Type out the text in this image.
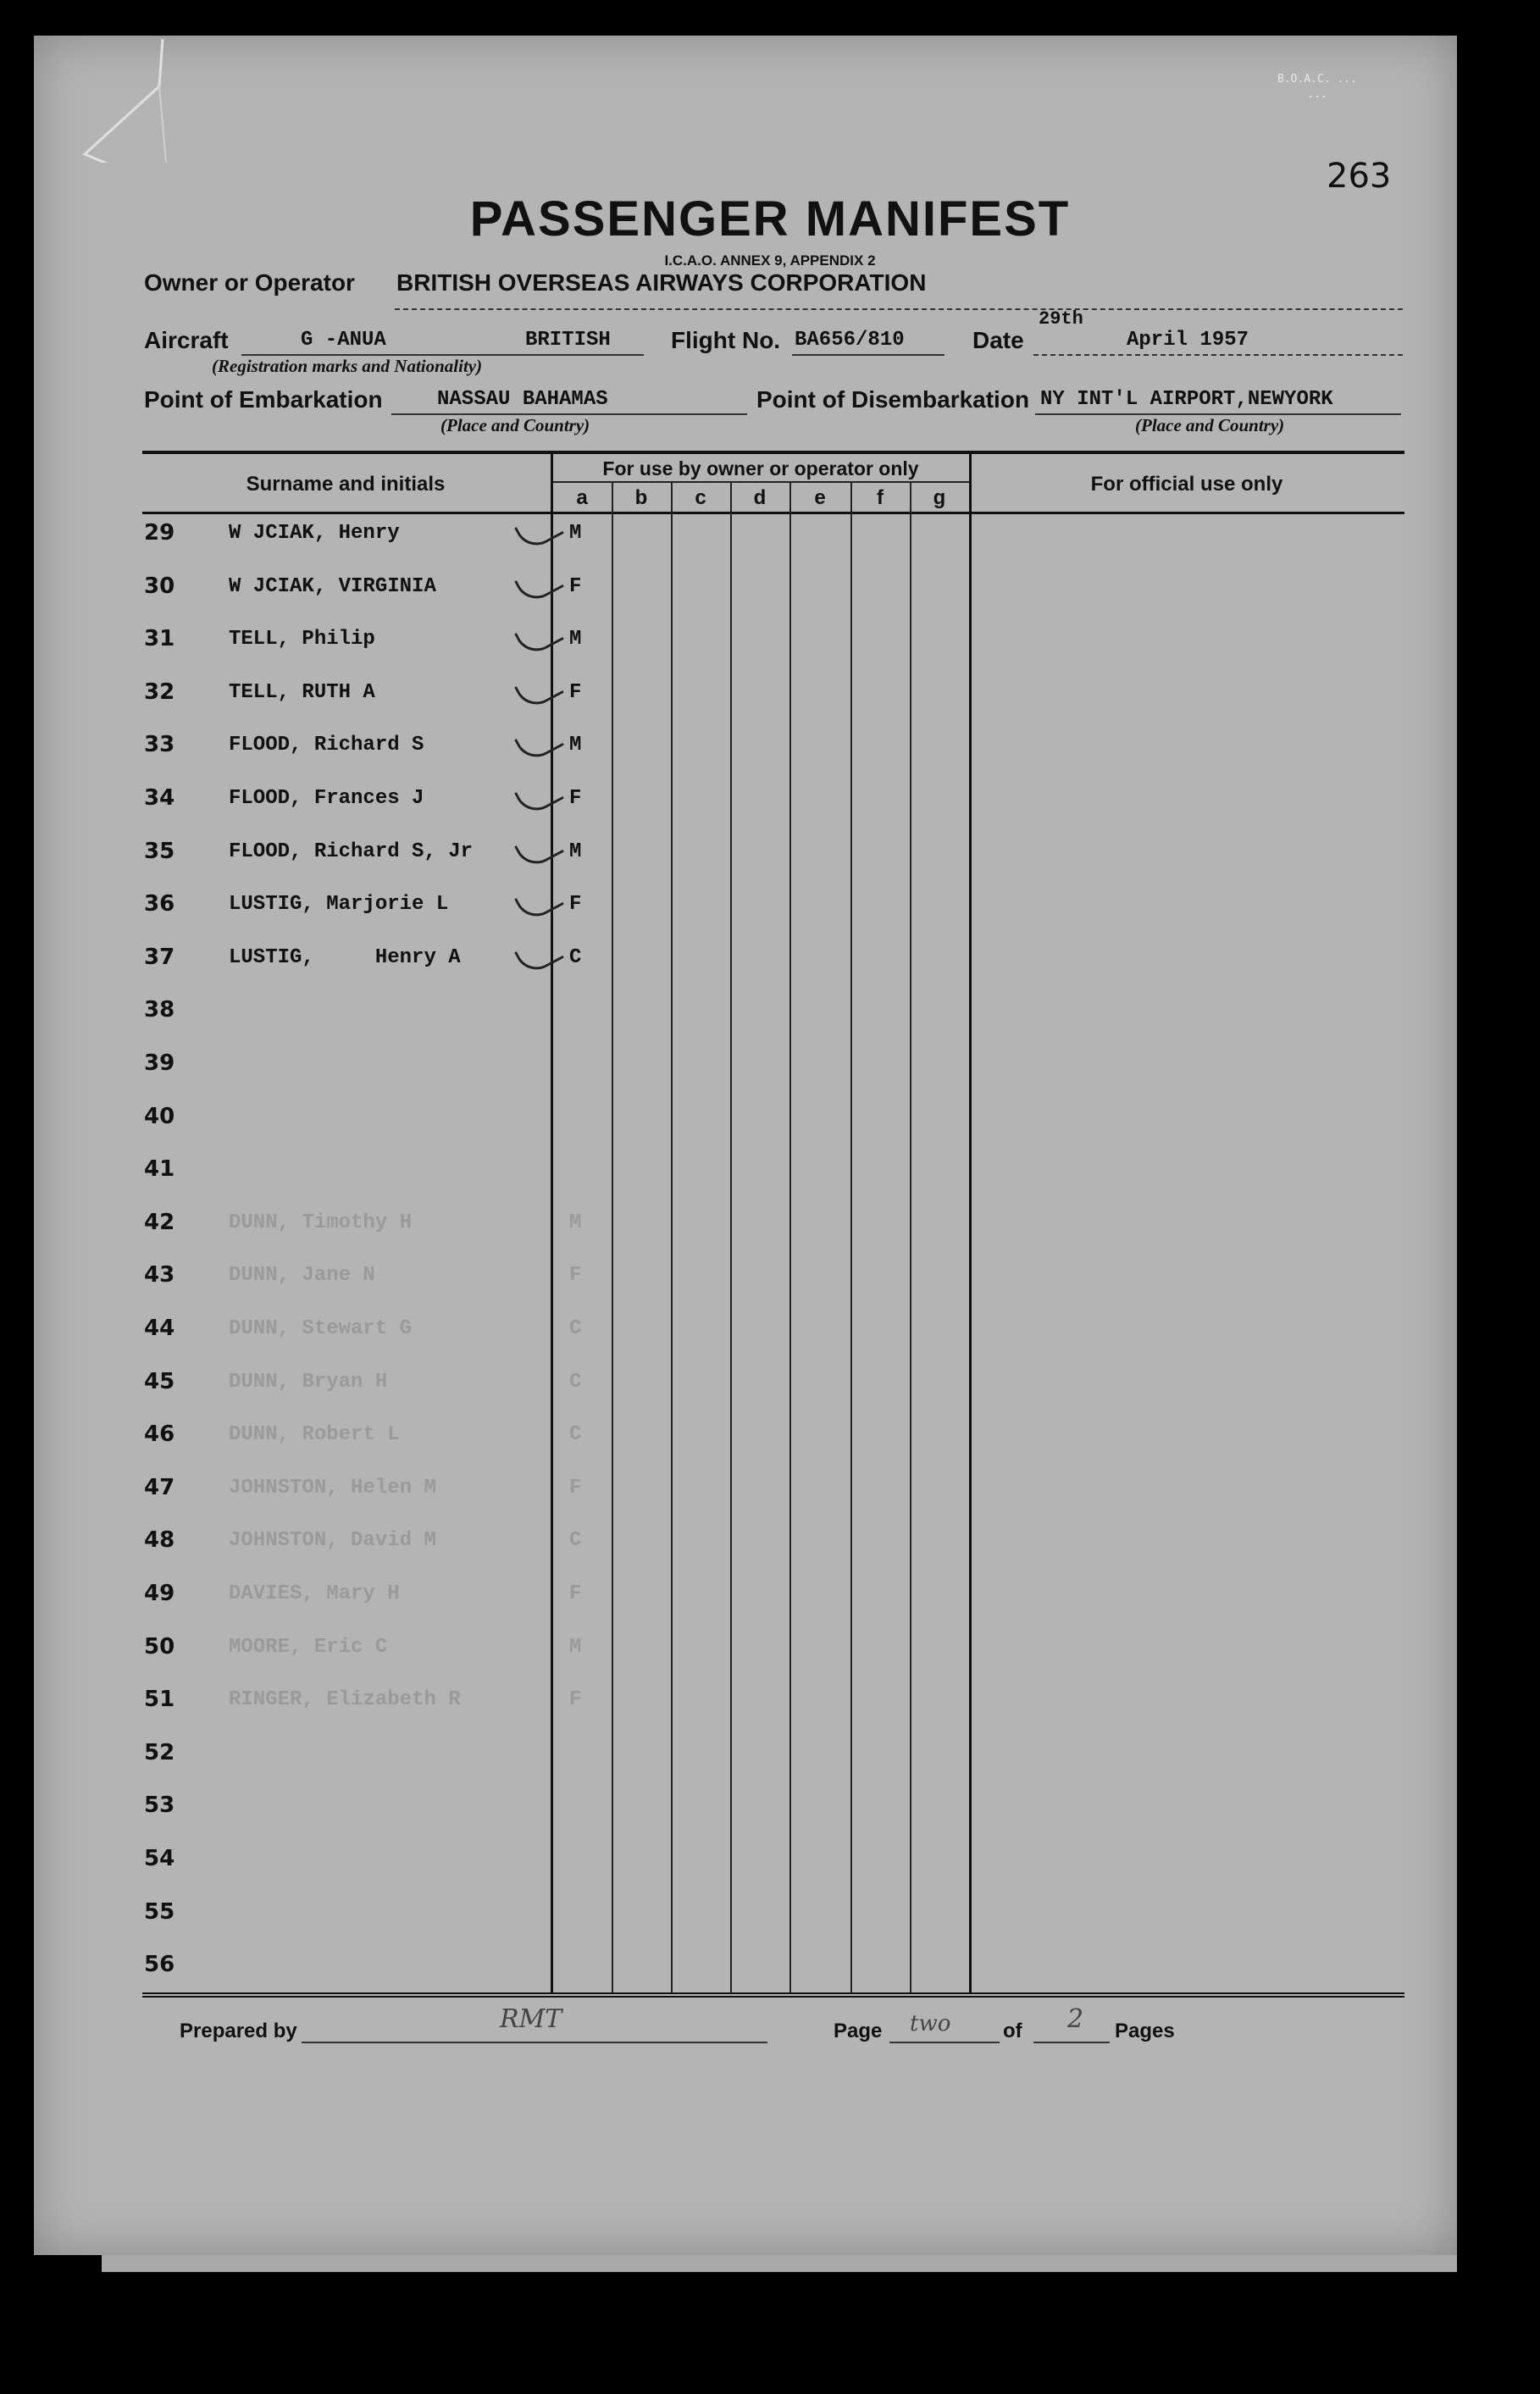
B.O.A.C. ...
...
263
PASSENGER MANIFEST
I.C.A.O. ANNEX 9, APPENDIX 2
Owner or Operator BRITISH OVERSEAS AIRWAYS CORPORATION
Aircraft	G -ANUA	BRITISH
(Registration marks and Nationality)
Flight No. BA656/810	Date
29th
April 1957
Point of Embarkation	NASSAU BAHAMAS
(Place and Country)
Point of Disembarkation NY INT'L AIRPORT,NEWYORK
(Place and Country)
Surname and initials
For use by owner or operator only
For official use only
a	b	c	d	e	f	g
29	W JCIAK, Henry	M
30	W JCIAK, VIRGINIA	F
31	TELL, Philip	M
32	TELL, RUTH A	F
33	FLOOD, Richard S	M
34	FLOOD, Frances J	F
35	FLOOD, Richard S, Jr	M
36	LUSTIG, Marjorie L	F
37	LUSTIG,     Henry A	C
38
39
40
41
42	DUNN, Timothy H	M
43	DUNN, Jane N	F
44	DUNN, Stewart G	C
45	DUNN, Bryan H	C
46	DUNN, Robert L	C
47	JOHNSTON, Helen M	F
48	JOHNSTON, David M	C
49	DAVIES, Mary H	F
50	MOORE, Eric C	M
51	RINGER, Elizabeth R	F
52
53
54
55
56
Prepared by	RMT	Page two	of 2 Pages
